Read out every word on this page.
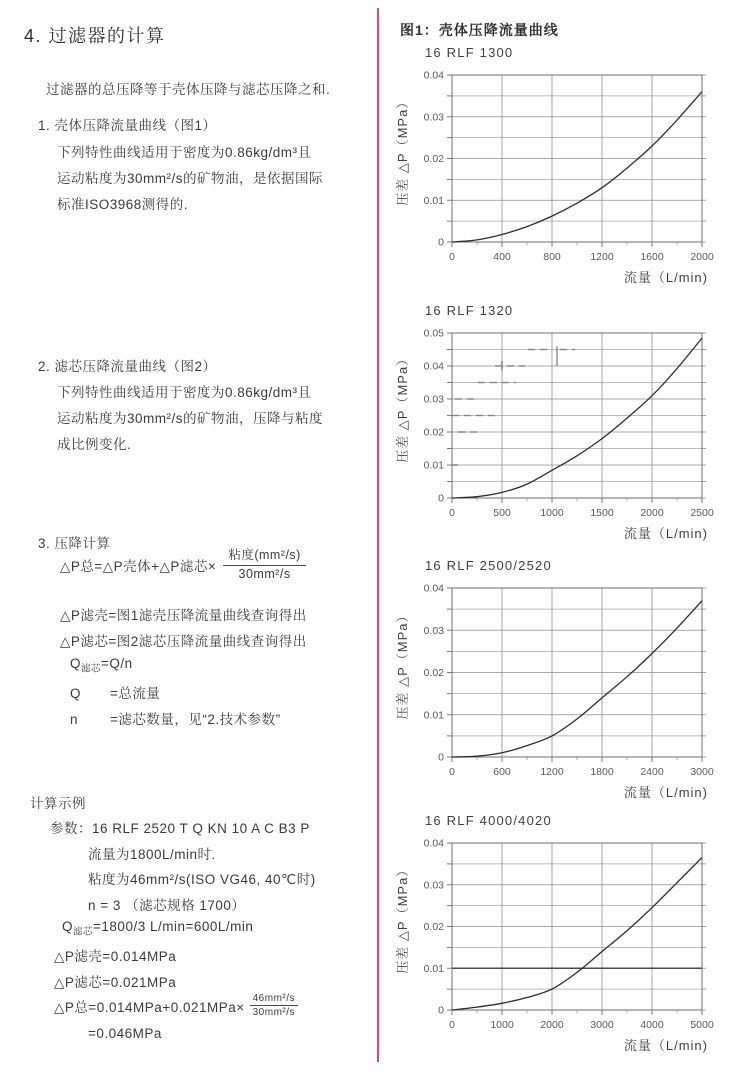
4. 过滤器的计算
过滤器的总压降等于壳体压降与滤芯压降之和.
1. 壳体压降流量曲线（图1）
下列特性曲线适用于密度为0.86kg/dm³且
运动粘度为30mm²/s的矿物油，是依据国际
标准ISO3968测得的.
2. 滤芯压降流量曲线（图2）
下列特性曲线适用于密度为0.86kg/dm³且
运动粘度为30mm²/s的矿物油，压降与粘度
成比例变化.
3. 压降计算
△P总=△P壳体+△P滤芯× $\frac{\text{粘度(mm²/s)}}{\text{30mm²/s}}$
△P滤壳=图1滤壳压降流量曲线查询得出
△P滤芯=图2滤芯压降流量曲线查询得出
$Q_{滤芯}=Q/n$
Q =总流量
n =滤芯数量，见“2.技术参数”
计算示例
参数：16 RLF 2520 T Q KN 10 A C B3 P
流量为1800L/min时.
粘度为46mm²/s(ISO VG46, 40℃时)
n = 3 （滤芯规格 1700）
$Q_{滤芯}=1800/3$ L/min=600L/min
△P滤壳=0.014MPa
△P滤芯=0.021MPa
△P总$=0.014MPa+0.021MPa\times \frac{\text{46mm²/s}}{\text{30mm²/s}}$
=0.046MPa
图1：壳体压降流量曲线
16 RLF 1300
0	400	800	1200	1600	2000
0
0.01
0.02
0.03
0.04
压差 △P（MPa）
流量（L/min)
16 RLF 1320
0	500	1000	1500	2000	2500
0
0.01
0.02
0.03
0.04
0.05
压差 △P（MPa）
流量（L/min)
16 RLF 2500/2520
0	600	1200	1800	2400	3000
0
0.01
0.02
0.03
0.04
压差 △P（MPa）
流量（L/min)
16 RLF 4000/4020
0	1000	2000	3000	4000	5000
0
0.01
0.02
0.03
0.04
压差 △P（MPa）
流量（L/min)
